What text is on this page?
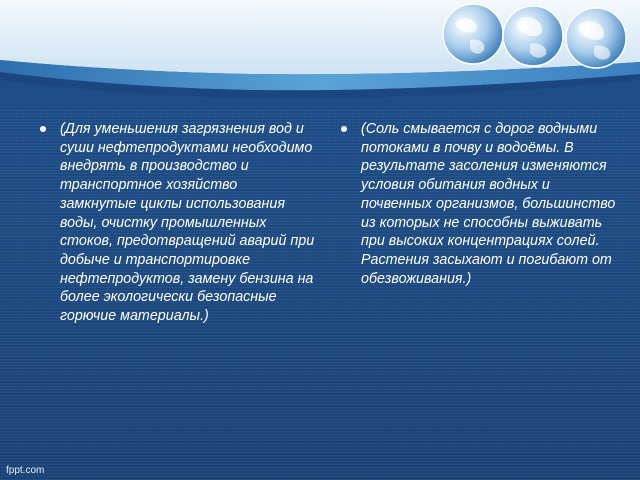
(Для уменьшения загрязнения вод и суши нефтепродуктами необходимо внедрять в производство и транспортное хозяйство замкнутые циклы использования воды, очистку промышленных стоков, предотвращений аварий при добыче и транспортировке нефтепродуктов, замену бензина на более экологически безопасные горючие материалы.)

(Соль смывается с дорог водными потоками в почву и водоёмы. В результате засоления изменяются условия обитания водных и почвенных организмов, большинство из которых не способны выживать при высоких концентрациях солей. Растения засыхают и погибают от обезвоживания.)

fppt.com
